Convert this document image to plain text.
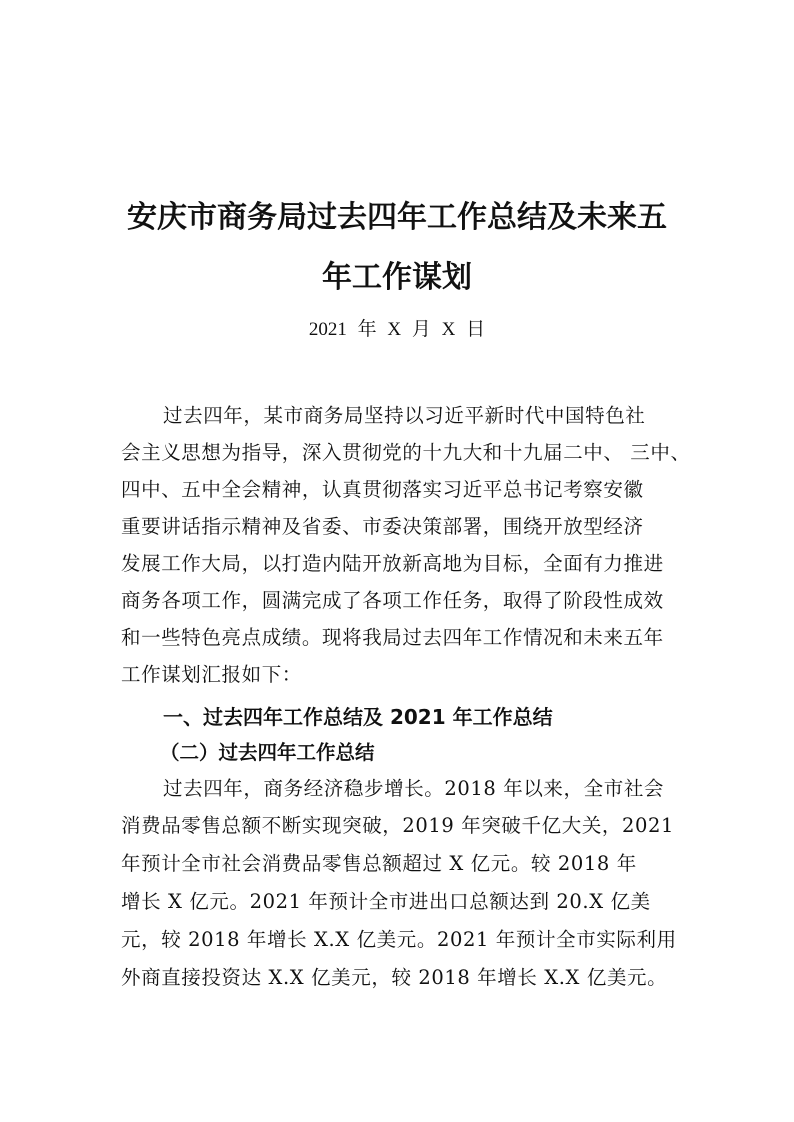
安庆市商务局过去四年工作总结及未来五
年工作谋划
2021 年 X 月 X 日
过去四年，某市商务局坚持以习近平新时代中国特色社
会主义思想为指导，深入贯彻党的十九大和十九届二中、 三中、
四中、五中全会精神，认真贯彻落实习近平总书记考察安徽
重要讲话指示精神及省委、市委决策部署，围绕开放型经济
发展工作大局，以打造内陆开放新高地为目标，全面有力推进
商务各项工作，圆满完成了各项工作任务，取得了阶段性成效
和一些特色亮点成绩。现将我局过去四年工作情况和未来五年
工作谋划汇报如下：
一、过去四年工作总结及 2021 年工作总结
（二）过去四年工作总结
过去四年，商务经济稳步增长。2018 年以来，全市社会
消费品零售总额不断实现突破，2019 年突破千亿大关，2021
年预计全市社会消费品零售总额超过 X 亿元。较 2018 年
增长 X 亿元。2021 年预计全市进出口总额达到 20.X 亿美
元，较 2018 年增长 X.X 亿美元。2021 年预计全市实际利用
外商直接投资达 X.X 亿美元，较 2018 年增长 X.X 亿美元。
